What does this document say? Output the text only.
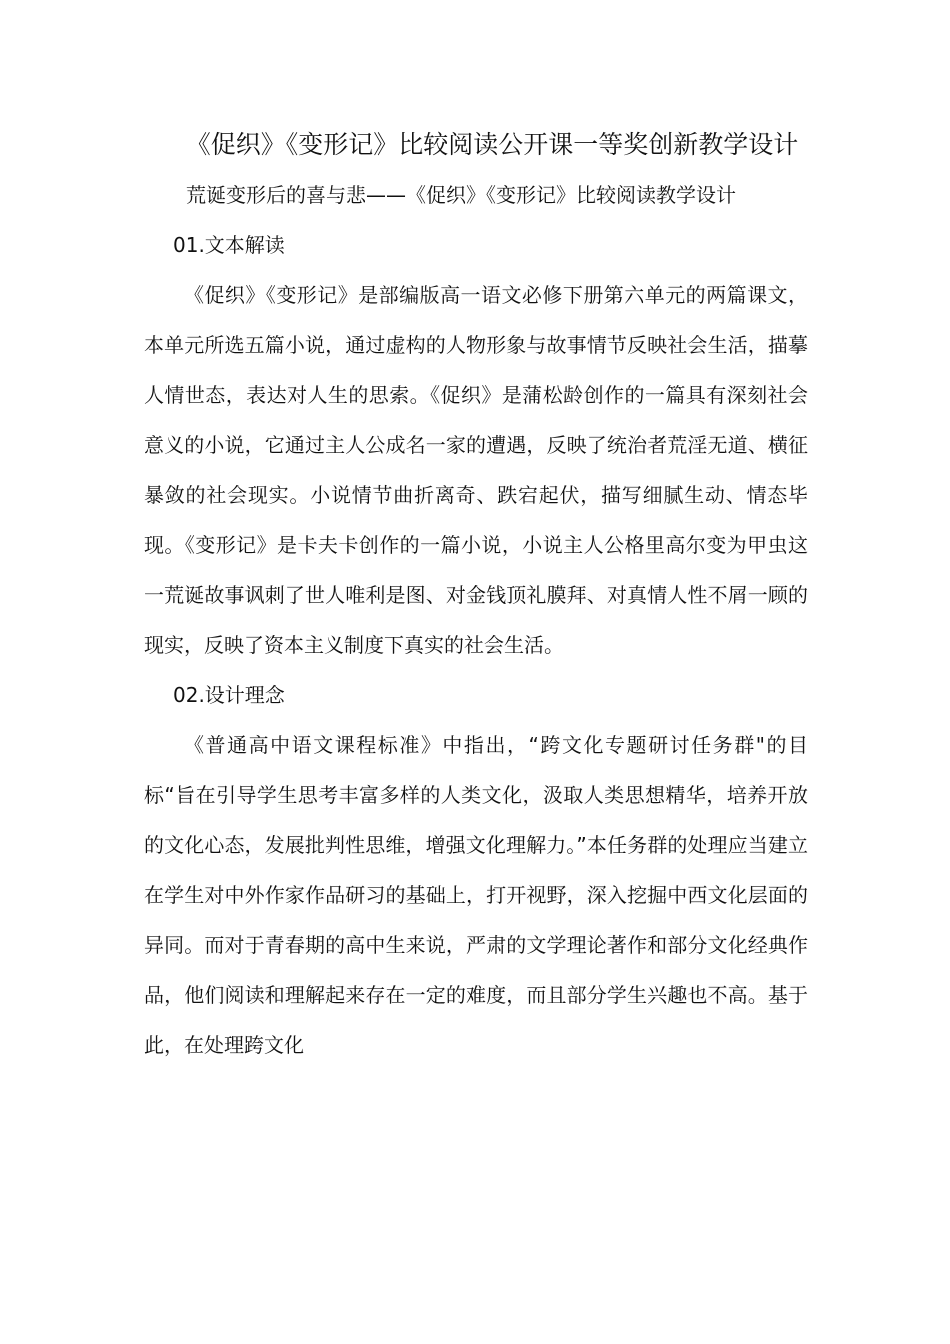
《促织》《变形记》比较阅读公开课一等奖创新教学设计

荒诞变形后的喜与悲——《促织》《变形记》比较阅读教学设计

01.文本解读

《促织》《变形记》是部编版高一语文必修下册第六单元的两篇课文，本单元所选五篇小说，通过虚构的人物形象与故事情节反映社会生活，描摹人情世态，表达对人生的思索。《促织》是蒲松龄创作的一篇具有深刻社会意义的小说，它通过主人公成名一家的遭遇，反映了统治者荒淫无道、横征暴敛的社会现实。小说情节曲折离奇、跌宕起伏，描写细腻生动、情态毕现。《变形记》是卡夫卡创作的一篇小说，小说主人公格里高尔变为甲虫这一荒诞故事讽刺了世人唯利是图、对金钱顶礼膜拜、对真情人性不屑一顾的现实，反映了资本主义制度下真实的社会生活。

02.设计理念

《普通高中语文课程标准》中指出，“跨文化专题研讨任务群"的目标“旨在引导学生思考丰富多样的人类文化，汲取人类思想精华，培养开放的文化心态，发展批判性思维，增强文化理解力。”本任务群的处理应当建立在学生对中外作家作品研习的基础上，打开视野，深入挖掘中西文化层面的异同。而对于青春期的高中生来说，严肃的文学理论著作和部分文化经典作品，他们阅读和理解起来存在一定的难度，而且部分学生兴趣也不高。基于此，在处理跨文化
